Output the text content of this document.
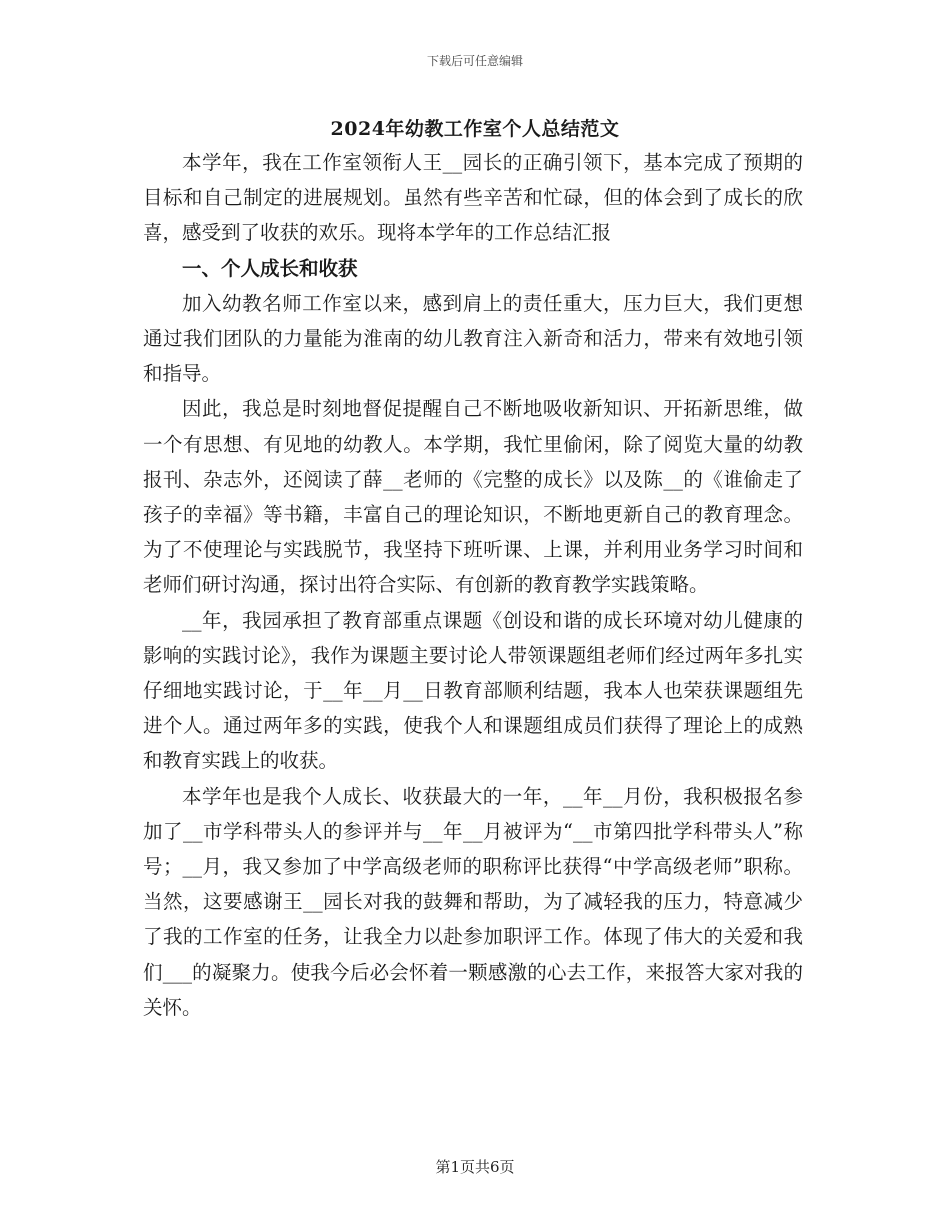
下载后可任意编辑
2024年幼教工作室个人总结范文

本学年，我在工作室领衔人王__园长的正确引领下，基本完成了预期的目标和自己制定的进展规划。虽然有些辛苦和忙碌，但的体会到了成长的欣喜，感受到了收获的欢乐。现将本学年的工作总结汇报

一、个人成长和收获

加入幼教名师工作室以来，感到肩上的责任重大，压力巨大，我们更想通过我们团队的力量能为淮南的幼儿教育注入新奇和活力，带来有效地引领和指导。

因此，我总是时刻地督促提醒自己不断地吸收新知识、开拓新思维，做一个有思想、有见地的幼教人。本学期，我忙里偷闲，除了阅览大量的幼教报刊、杂志外，还阅读了薛__老师的《完整的成长》以及陈__的《谁偷走了孩子的幸福》等书籍，丰富自己的理论知识，不断地更新自己的教育理念。为了不使理论与实践脱节，我坚持下班听课、上课，并利用业务学习时间和老师们研讨沟通，探讨出符合实际、有创新的教育教学实践策略。

__年，我园承担了教育部重点课题《创设和谐的成长环境对幼儿健康的影响的实践讨论》，我作为课题主要讨论人带领课题组老师们经过两年多扎实仔细地实践讨论，于__年__月__日教育部顺利结题，我本人也荣获课题组先进个人。通过两年多的实践，使我个人和课题组成员们获得了理论上的成熟和教育实践上的收获。

本学年也是我个人成长、收获最大的一年，__年__月份，我积极报名参加了__市学科带头人的参评并与__年__月被评为“__市第四批学科带头人”称号；__月，我又参加了中学高级老师的职称评比获得“中学高级老师”职称。当然，这要感谢王__园长对我的鼓舞和帮助，为了减轻我的压力，特意减少了我的工作室的任务，让我全力以赴参加职评工作。体现了伟大的关爱和我们___的凝聚力。使我今后必会怀着一颗感激的心去工作，来报答大家对我的关怀。

第1页共6页
